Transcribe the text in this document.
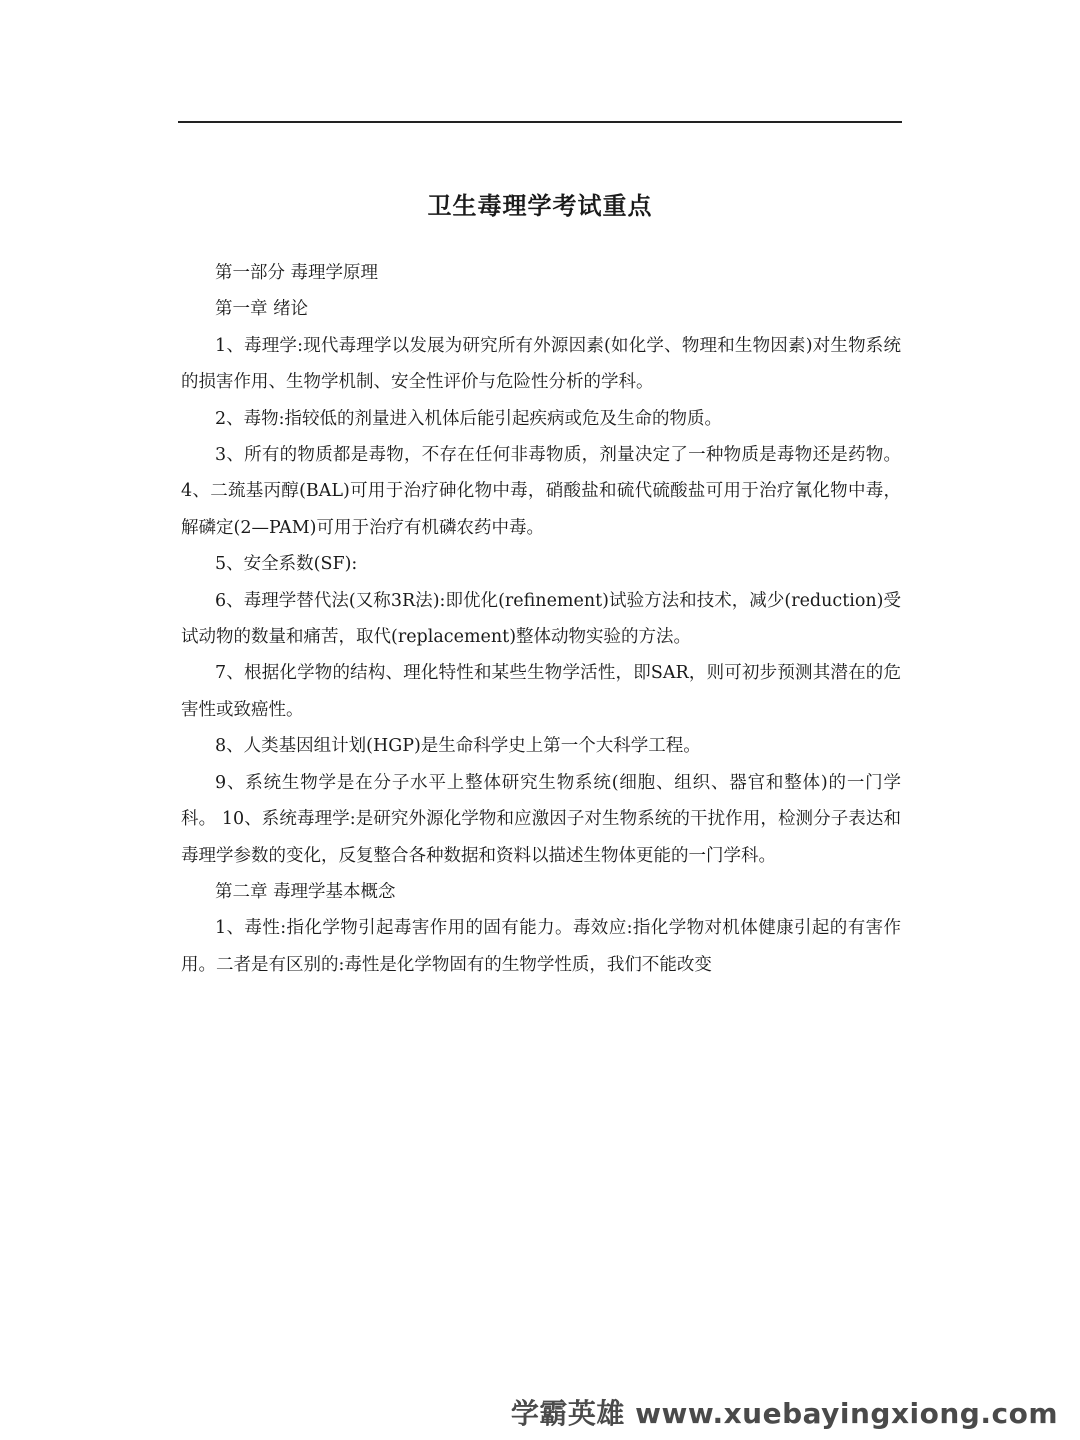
卫生毒理学考试重点

第一部分 毒理学原理

第一章 绪论

1、毒理学:现代毒理学以发展为研究所有外源因素(如化学、物理和生物因素)对生物系统的损害作用、生物学机制、安全性评价与危险性分析的学科。

2、毒物:指较低的剂量进入机体后能引起疾病或危及生命的物质。

3、所有的物质都是毒物，不存在任何非毒物质，剂量决定了一种物质是毒物还是药物。 4、二巯基丙醇(BAL)可用于治疗砷化物中毒，硝酸盐和硫代硫酸盐可用于治疗氰化物中毒，解磷定(2—PAM)可用于治疗有机磷农药中毒。

5、安全系数(SF):

6、毒理学替代法(又称3R法):即优化(refinement)试验方法和技术，减少(reduction)受试动物的数量和痛苦，取代(replacement)整体动物实验的方法。

7、根据化学物的结构、理化特性和某些生物学活性，即SAR，则可初步预测其潜在的危害性或致癌性。

8、人类基因组计划(HGP)是生命科学史上第一个大科学工程。

9、系统生物学是在分子水平上整体研究生物系统(细胞、组织、器官和整体)的一门学科。 10、系统毒理学:是研究外源化学物和应激因子对生物系统的干扰作用，检测分子表达和毒理学参数的变化，反复整合各种数据和资料以描述生物体更能的一门学科。

第二章 毒理学基本概念

1、毒性:指化学物引起毒害作用的固有能力。毒效应:指化学物对机体健康引起的有害作用。二者是有区别的:毒性是化学物固有的生物学性质，我们不能改变

学霸英雄 www.xuebayingxiong.com
